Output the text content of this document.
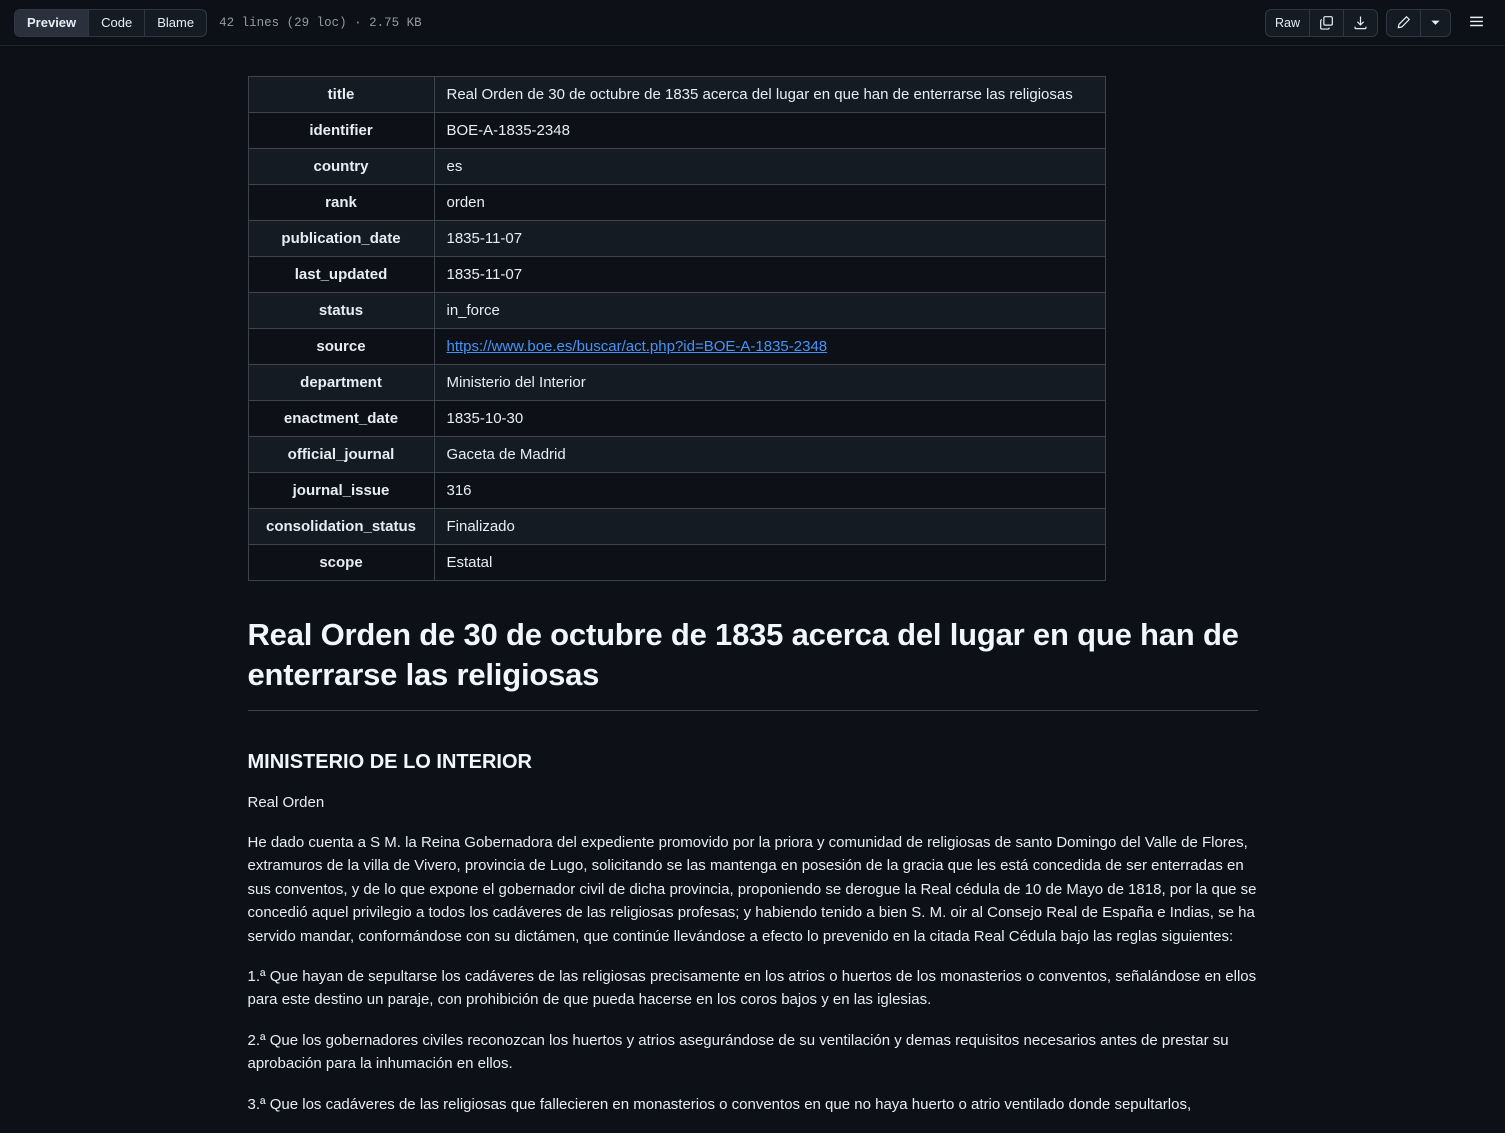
Preview	Code	Blame	42 lines (29 loc) · 2.75 KB	Raw
title	Real Orden de 30 de octubre de 1835 acerca del lugar en que han de enterrarse las religiosas
identifier	BOE-A-1835-2348
country	es
rank	orden
publication_date	1835-11-07
last_updated	1835-11-07
status	in_force
source	https://www.boe.es/buscar/act.php?id=BOE-A-1835-2348
department	Ministerio del Interior
enactment_date	1835-10-30
official_journal	Gaceta de Madrid
journal_issue	316
consolidation_status	Finalizado
scope	Estatal
Real Orden de 30 de octubre de 1835 acerca del lugar en que han de enterrarse las religiosas
MINISTERIO DE LO INTERIOR

Real Orden

He dado cuenta a S M. la Reina Gobernadora del expediente promovido por la priora y comunidad de religiosas de santo Domingo del Valle de Flores, extramuros de la villa de Vivero, provincia de Lugo, solicitando se las mantenga en posesión de la gracia que les está concedida de ser enterradas en sus conventos, y de lo que expone el gobernador civil de dicha provincia, proponiendo se derogue la Real cédula de 10 de Mayo de 1818, por la que se concedió aquel privilegio a todos los cadáveres de las religiosas profesas; y habiendo tenido a bien S. M. oir al Consejo Real de España e Indias, se ha servido mandar, conformándose con su dictámen, que continúe llevándose a efecto lo prevenido en la citada Real Cédula bajo las reglas siguientes:

1.ª Que hayan de sepultarse los cadáveres de las religiosas precisamente en los atrios o huertos de los monasterios o conventos, señalándose en ellos para este destino un paraje, con prohibición de que pueda hacerse en los coros bajos y en las iglesias.

2.ª Que los gobernadores civiles reconozcan los huertos y atrios asegurándose de su ventilación y demas requisitos necesarios antes de prestar su aprobación para la inhumación en ellos.

3.ª Que los cadáveres de las religiosas que fallecieren en monasterios o conventos en que no haya huerto o atrio ventilado donde sepultarlos,
